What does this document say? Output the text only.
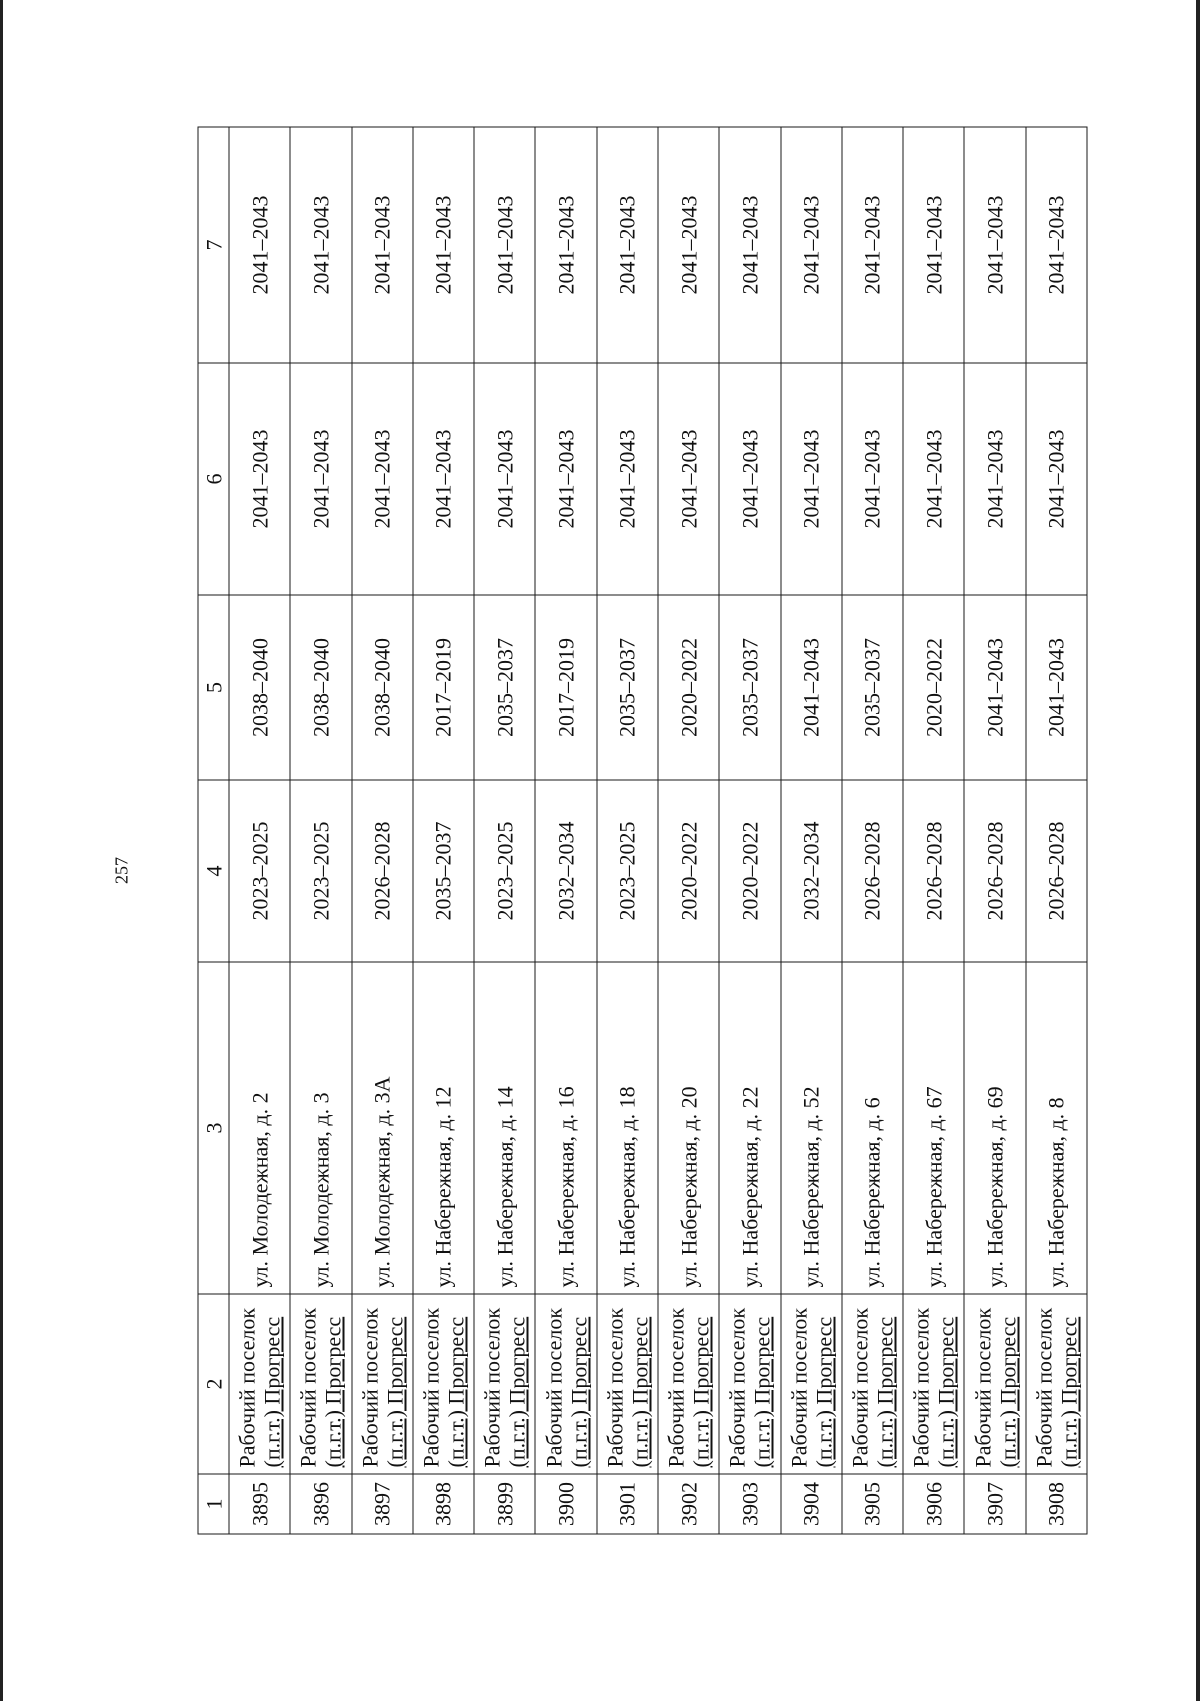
257
1	2	3	4	5	6	7
3895	Рабочий поселок (п.г.т.) Прогресс	ул. Молодежная, д. 2	2023–2025	2038–2040	2041–2043	2041–2043
3896	Рабочий поселок (п.г.т.) Прогресс	ул. Молодежная, д. 3	2023–2025	2038–2040	2041–2043	2041–2043
3897	Рабочий поселок (п.г.т.) Прогресс	ул. Молодежная, д. 3А	2026–2028	2038–2040	2041–2043	2041–2043
3898	Рабочий поселок (п.г.т.) Прогресс	ул. Набережная, д. 12	2035–2037	2017–2019	2041–2043	2041–2043
3899	Рабочий поселок (п.г.т.) Прогресс	ул. Набережная, д. 14	2023–2025	2035–2037	2041–2043	2041–2043
3900	Рабочий поселок (п.г.т.) Прогресс	ул. Набережная, д. 16	2032–2034	2017–2019	2041–2043	2041–2043
3901	Рабочий поселок (п.г.т.) Прогресс	ул. Набережная, д. 18	2023–2025	2035–2037	2041–2043	2041–2043
3902	Рабочий поселок (п.г.т.) Прогресс	ул. Набережная, д. 20	2020–2022	2020–2022	2041–2043	2041–2043
3903	Рабочий поселок (п.г.т.) Прогресс	ул. Набережная, д. 22	2020–2022	2035–2037	2041–2043	2041–2043
3904	Рабочий поселок (п.г.т.) Прогресс	ул. Набережная, д. 52	2032–2034	2041–2043	2041–2043	2041–2043
3905	Рабочий поселок (п.г.т.) Прогресс	ул. Набережная, д. 6	2026–2028	2035–2037	2041–2043	2041–2043
3906	Рабочий поселок (п.г.т.) Прогресс	ул. Набережная, д. 67	2026–2028	2020–2022	2041–2043	2041–2043
3907	Рабочий поселок (п.г.т.) Прогресс	ул. Набережная, д. 69	2026–2028	2041–2043	2041–2043	2041–2043
3908	Рабочий поселок (п.г.т.) Прогресс	ул. Набережная, д. 8	2026–2028	2041–2043	2041–2043	2041–2043
